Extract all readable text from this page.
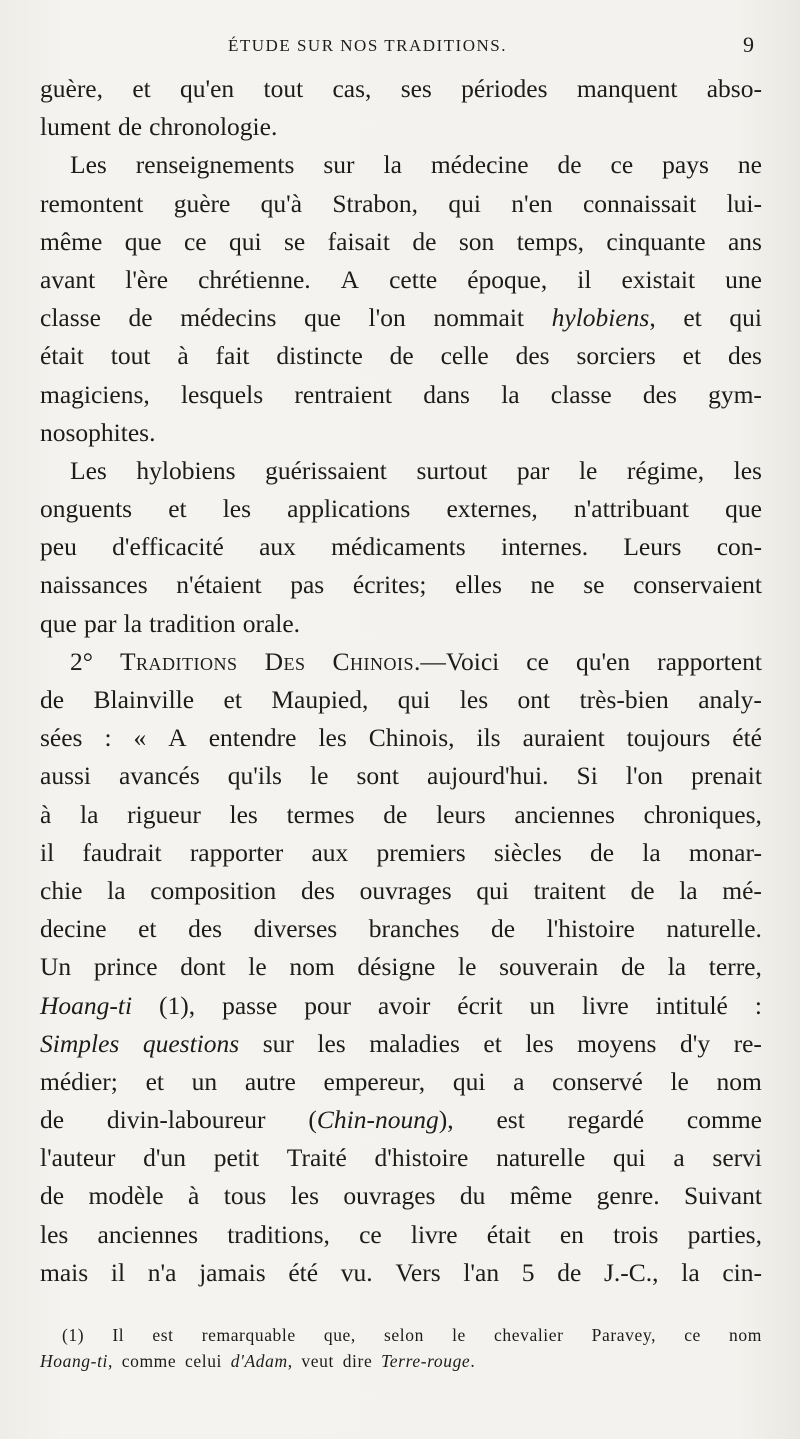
ÉTUDE SUR NOS TRADITIONS.	9
guère, et qu'en tout cas, ses périodes manquent abso-
lument de chronologie.
Les renseignements sur la médecine de ce pays ne
remontent guère qu'à Strabon, qui n'en connaissait lui-
même que ce qui se faisait de son temps, cinquante ans
avant l'ère chrétienne. A cette époque, il existait une
classe de médecins que l'on nommait hylobiens, et qui
était tout à fait distincte de celle des sorciers et des
magiciens, lesquels rentraient dans la classe des gym-
nosophites.
Les hylobiens guérissaient surtout par le régime, les
onguents et les applications externes, n'attribuant que
peu d'efficacité aux médicaments internes. Leurs con-
naissances n'étaient pas écrites; elles ne se conservaient
que par la tradition orale.
2° Traditions Des Chinois.—Voici ce qu'en rapportent
de Blainville et Maupied, qui les ont très-bien analy-
sées : « A entendre les Chinois, ils auraient toujours été
aussi avancés qu'ils le sont aujourd'hui. Si l'on prenait
à la rigueur les termes de leurs anciennes chroniques,
il faudrait rapporter aux premiers siècles de la monar-
chie la composition des ouvrages qui traitent de la mé-
decine et des diverses branches de l'histoire naturelle.
Un prince dont le nom désigne le souverain de la terre,
Hoang-ti (1), passe pour avoir écrit un livre intitulé :
Simples questions sur les maladies et les moyens d'y re-
médier; et un autre empereur, qui a conservé le nom
de divin-laboureur (Chin-noung), est regardé comme
l'auteur d'un petit Traité d'histoire naturelle qui a servi
de modèle à tous les ouvrages du même genre. Suivant
les anciennes traditions, ce livre était en trois parties,
mais il n'a jamais été vu. Vers l'an 5 de J.-C., la cin-
(1) Il est remarquable que, selon le chevalier Paravey, ce nom
Hoang-ti, comme celui d'Adam, veut dire Terre-rouge.
